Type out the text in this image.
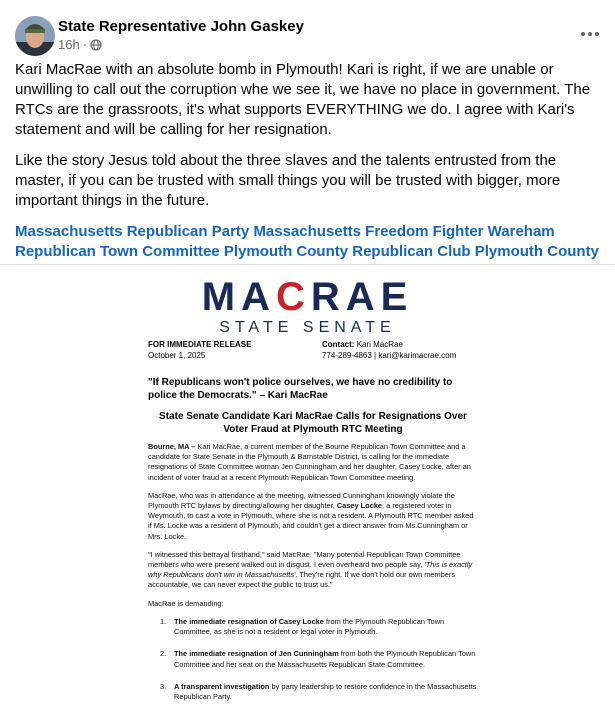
State Representative John Gaskey
16h ·

Kari MacRae with an absolute bomb in Plymouth! Kari is right, if we are unable or unwilling to call out the corruption whe we see it, we have no place in government. The RTCs are the grassroots, it's what supports EVERYTHING we do. I agree with Kari's statement and will be calling for her resignation.

Like the story Jesus told about the three slaves and the talents entrusted from the master, if you can be trusted with small things you will be trusted with bigger, more important things in the future.

Massachusetts Republican Party Massachusetts Freedom Fighter Wareham Republican Town Committee Plymouth County Republican Club Plymouth County
MACRAE
STATE SENATE
FOR IMMEDIATE RELEASE
October 1, 2025
Contact: Kari MacRae
774-289-4863 | kari@karimacrae.com
"If Republicans won't police ourselves, we have no credibility to police the Democrats." – Kari MacRae
State Senate Candidate Kari MacRae Calls for Resignations Over Voter Fraud at Plymouth RTC Meeting

Bourne, MA – Kari MacRae, a current member of the Bourne Republican Town Committee and a candidate for State Senate in the Plymouth & Barnstable District, is calling for the immediate resignations of State Committee woman Jen Cunningham and her daughter, Casey Locke, after an incident of voter fraud at a recent Plymouth Republican Town Committee meeting.

MacRae, who was in attendance at the meeting, witnessed Cunningham knowingly violate the Plymouth RTC bylaws by directing/allowing her daughter, Casey Locke, a registered voter in Weymouth, to cast a vote in Plymouth, where she is not a resident. A Plymouth RTC member asked if Ms. Locke was a resident of Plymouth, and couldn't get a direct answer from Ms.Cunningham or Mrs. Locke.

"I witnessed this betrayal firsthand," said MacRae. "Many potential Republican Town Committee members who were present walked out in disgust. I even overheard two people say, 'This is exactly why Republicans don't win in Massachusetts'. They're right. If we don't hold our own members accountable, we can never expect the public to trust us."

MacRae is demanding:

1. The immediate resignation of Casey Locke from the Plymouth Republican Town Committee, as she is not a resident or legal voter in Plymouth.
2. The immediate resignation of Jen Cunningham from both the Plymouth Republican Town Committee and her seat on the Massachusetts Republican State Committee.
3. A transparent investigation by party leadership to restore confidence in the Massachusetts Republican Party.
